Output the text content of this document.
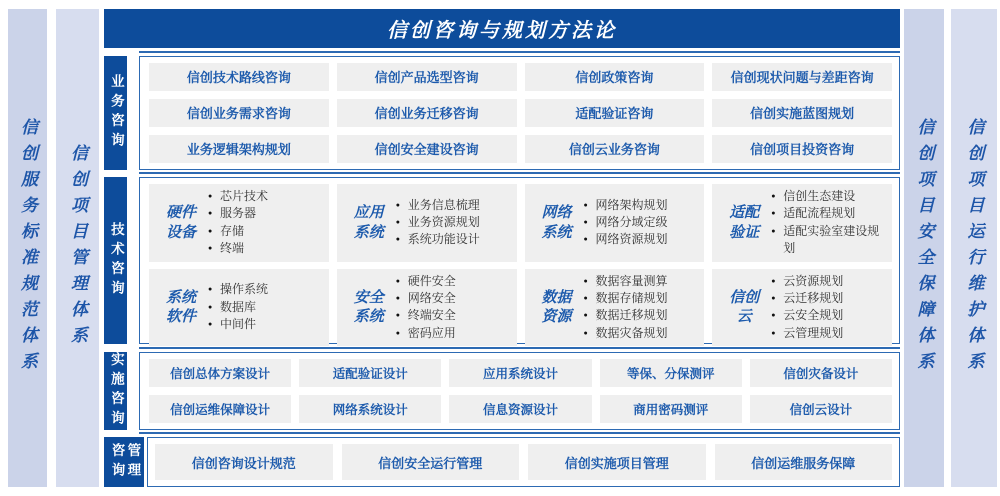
信创服务标准规范体系 信创项目管理体系	信创项目安全保障体系 信创项目运行维护体系
信创咨询与规划方法论
业务咨询	信创技术路线咨询	信创产品选型咨询	信创政策咨询	信创现状问题与差距咨询
信创业务需求咨询	信创业务迁移咨询	适配验证咨询	信创实施蓝图规划
业务逻辑架构规划	信创安全建设咨询	信创云业务咨询	信创项目投资咨询
技术咨询
硬件设备
● 芯片技术
● 服务器
● 存储
● 终端
应用系统
● 业务信息梳理
● 业务资源规划
● 系统功能设计
网络系统
● 网络架构规划
● 网络分域定级
● 网络资源规划
适配验证
● 信创生态建设
● 适配流程规划
● 适配实验室建设规划
系统软件
● 操作系统
● 数据库
● 中间件
安全系统
● 硬件安全
● 网络安全
● 终端安全
● 密码应用
数据资源
● 数据容量测算
● 数据存储规划
● 数据迁移规划
● 数据灾备规划
信创云
● 云资源规划
● 云迁移规划
● 云安全规划
● 云管理规划
实施咨询	信创总体方案设计	适配验证设计	应用系统设计	等保、分保测评	信创灾备设计
信创运维保障设计	网络系统设计	信息资源设计	商用密码测评	信创云设计
咨询 管理	信创咨询设计规范	信创安全运行管理	信创实施项目管理	信创运维服务保障
